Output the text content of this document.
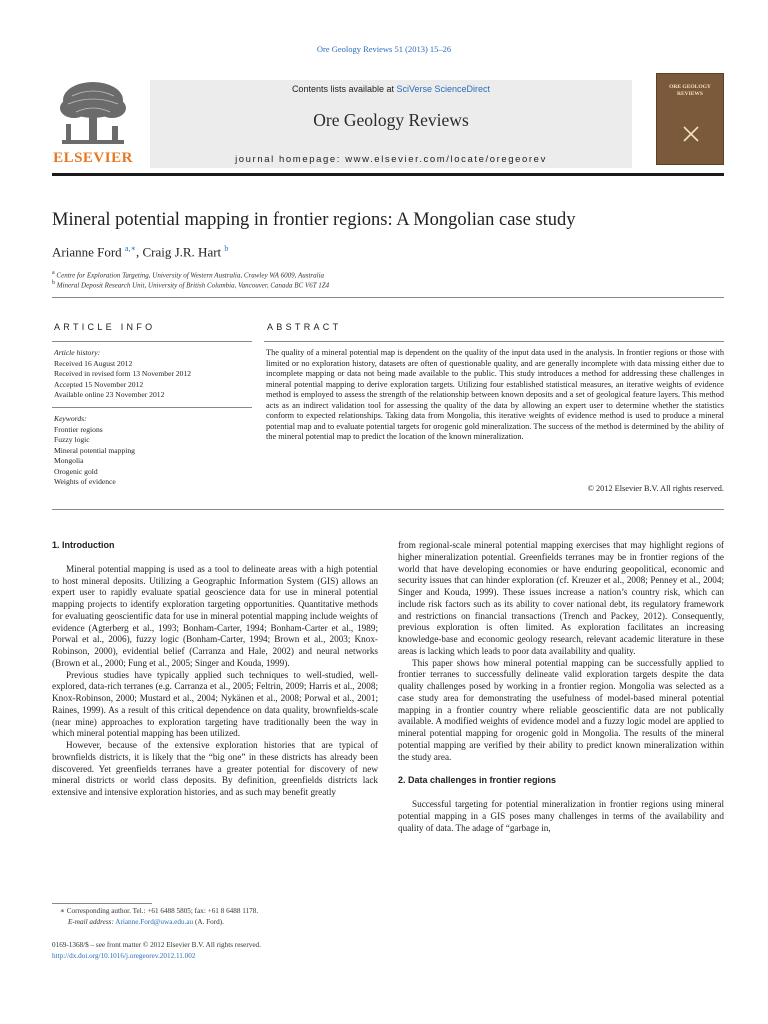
Ore Geology Reviews 51 (2013) 15–26
ELSEVIER
Contents lists available at SciVerse ScienceDirect
Ore Geology Reviews
journal homepage: www.elsevier.com/locate/oregeorev
ORE GEOLOGY REVIEWS
Mineral potential mapping in frontier regions: A Mongolian case study
Arianne Ford $^{a,∗}$, Craig J.R. Hart $^b$
$^a$ Centre for Exploration Targeting, University of Western Australia, Crawley WA 6009, Australia
$^b$ Mineral Deposit Research Unit, University of British Columbia, Vancouver, Canada BC V6T 1Z4
ARTICLE INFO
Article history:
Received 16 August 2012
Received in revised form 13 November 2012
Accepted 15 November 2012
Available online 23 November 2012
Keywords:
Frontier regions
Fuzzy logic
Mineral potential mapping
Mongolia
Orogenic gold
Weights of evidence
ABSTRACT
The quality of a mineral potential map is dependent on the quality of the input data used in the analysis. In frontier regions or those with limited or no exploration history, datasets are often of questionable quality, and are generally incomplete with data missing either due to incomplete mapping or data not being made available to the public. This study introduces a method for addressing these challenges in mineral potential mapping to derive exploration targets. Utilizing four established statistical measures, an iterative weights of evidence method is employed to assess the strength of the relationship between known deposits and a set of geological feature layers. This method acts as an indirect validation tool for assessing the quality of the data by allowing an expert user to determine whether the statistics conform to expected relationships. Taking data from Mongolia, this iterative weights of evidence method is used to produce a mineral potential map and to evaluate potential targets for orogenic gold mineralization. The success of the method is determined by the ability of the mineral potential map to predict the location of the known mineralization.
© 2012 Elsevier B.V. All rights reserved.

1. Introduction

Mineral potential mapping is used as a tool to delineate areas with a high potential to host mineral deposits. Utilizing a Geographic Information System (GIS) allows an expert user to rapidly evaluate spatial geoscience data for use in mineral potential mapping projects to identify exploration targeting opportunities. Quantitative methods for evaluating geoscientific data for use in mineral potential mapping include weights of evidence (Agterberg et al., 1993; Bonham-Carter, 1994; Bonham-Carter et al., 1989; Porwal et al., 2006), fuzzy logic (Bonham-Carter, 1994; Brown et al., 2003; Knox-Robinson, 2000), evidential belief (Carranza and Hale, 2002) and neural networks (Brown et al., 2000; Fung et al., 2005; Singer and Kouda, 1999).

Previous studies have typically applied such techniques to well-studied, well-explored, data-rich terranes (e.g. Carranza et al., 2005; Feltrin, 2009; Harris et al., 2008; Knox-Robinson, 2000; Mustard et al., 2004; Nykänen et al., 2008; Porwal et al., 2001; Raines, 1999). As a result of this critical dependence on data quality, brownfields-scale (near mine) approaches to exploration targeting have traditionally been the way in which mineral potential mapping has been utilized.

However, because of the extensive exploration histories that are typical of brownfields districts, it is likely that the “big one” in these districts has already been discovered. Yet greenfields terranes have a greater potential for discovery of new mineral districts or world class deposits. By definition, greenfields districts lack extensive and intensive exploration histories, and as such may benefit greatly

from regional-scale mineral potential mapping exercises that may highlight regions of higher mineralization potential. Greenfields terranes may be in frontier regions of the world that have developing economies or have enduring geopolitical, economic and security issues that can hinder exploration (cf. Kreuzer et al., 2008; Penney et al., 2004; Singer and Kouda, 1999). These issues increase a nation’s country risk, which can include risk factors such as its ability to cover national debt, its regulatory framework and restrictions on financial transactions (Trench and Packey, 2012). Consequently, previous exploration is often limited. As exploration facilitates an increasing knowledge-base and economic geology research, relevant academic literature in these areas is lacking which leads to poor data availability and quality.

This paper shows how mineral potential mapping can be successfully applied to frontier terranes to successfully delineate valid exploration targets despite the data quality challenges posed by working in a frontier region. Mongolia was selected as a case study area for demonstrating the usefulness of model-based mineral potential mapping in a frontier country where reliable geoscientific data are not publically available. A modified weights of evidence model and a fuzzy logic model are applied to mineral potential mapping for orogenic gold in Mongolia. The results of the mineral potential mapping are verified by their ability to predict known mineralization within the study area.

2. Data challenges in frontier regions

Successful targeting for potential mineralization in frontier regions using mineral potential mapping in a GIS poses many challenges in terms of the availability and quality of data. The adage of “garbage in,

∗ Corresponding author. Tel.: +61 6488 5805; fax: +61 8 6488 1178.
E-mail address: Arianne.Ford@uwa.edu.au (A. Ford).
0169-1368/$ – see front matter © 2012 Elsevier B.V. All rights reserved.
http://dx.doi.org/10.1016/j.oregeorev.2012.11.002
